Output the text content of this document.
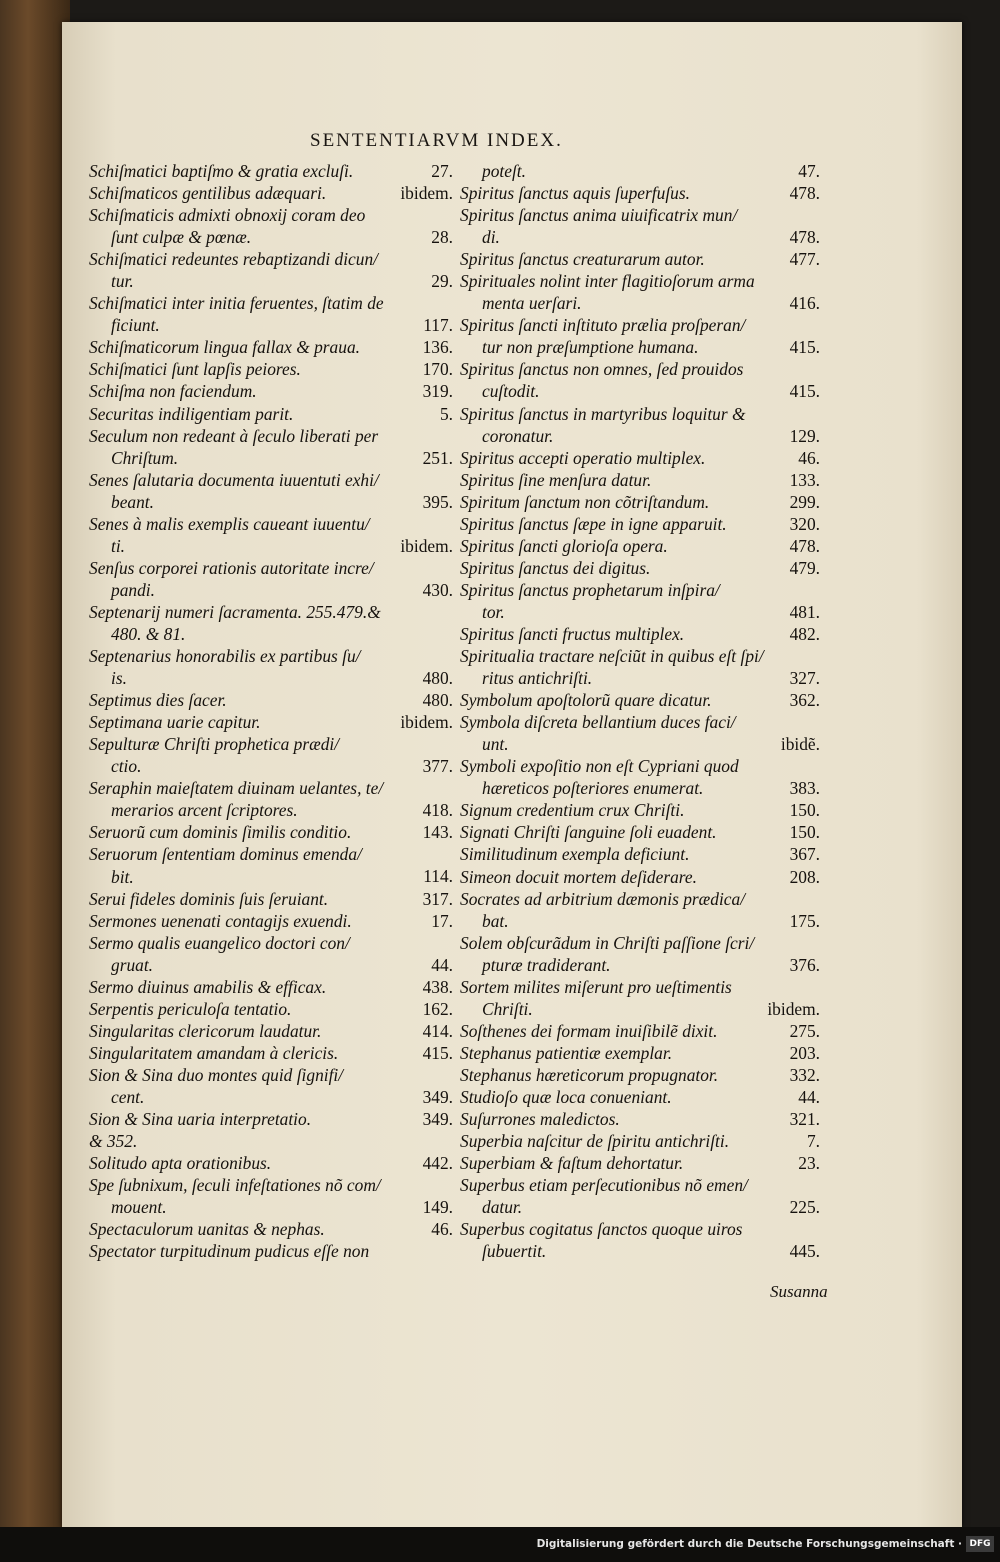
SENTENTIARVM INDEX.
Schiſmatici baptiſmo & gratia excluſi.	27.
Schiſmaticos gentilibus adæquari.	ibidem.
Schiſmaticis admixti obnoxij coram deo
ſunt culpæ & pœnæ.	28.
Schiſmatici redeuntes rebaptizandi dicun/
tur.	29.
Schiſmatici inter initia feruentes, ſtatim de
ficiunt.	117.
Schiſmaticorum lingua fallax & praua.	136.
Schiſmatici ſunt lapſis peiores.	170.
Schiſma non faciendum.	319.
Securitas indiligentiam parit.	5.
Seculum non redeant à ſeculo liberati per
Chriſtum.	251.
Senes ſalutaria documenta iuuentuti exhi/
beant.	395.
Senes à malis exemplis caueant iuuentu/
ti.	ibidem.
Senſus corporei rationis autoritate incre/
pandi.	430.
Septenarij numeri ſacramenta. 255.479.&
480. & 81.
Septenarius honorabilis ex partibus ſu/
is.	480.
Septimus dies ſacer.	480.
Septimana uarie capitur.	ibidem.
Sepulturæ Chriſti prophetica prædi/
ctio.	377.
Seraphin maieſtatem diuinam uelantes, te/
merarios arcent ſcriptores.	418.
Seruorũ cum dominis ſimilis conditio.	143.
Seruorum ſententiam dominus emenda/
bit.	114.
Serui fideles dominis ſuis ſeruiant.	317.
Sermones uenenati contagijs exuendi.	17.
Sermo qualis euangelico doctori con/
gruat.	44.
Sermo diuinus amabilis & efficax.	438.
Serpentis periculoſa tentatio.	162.
Singularitas clericorum laudatur.	414.
Singularitatem amandam à clericis.	415.
Sion & Sina duo montes quid ſignifi/
cent.	349.
Sion & Sina uaria interpretatio.	349.
& 352.
Solitudo apta orationibus.	442.
Spe ſubnixum, ſeculi infeſtationes nõ com/
mouent.	149.
Spectaculorum uanitas & nephas.	46.
Spectator turpitudinum pudicus eſſe non
poteſt.	47.
Spiritus ſanctus aquis ſuperfuſus.	478.
Spiritus ſanctus anima uiuificatrix mun/
di.	478.
Spiritus ſanctus creaturarum autor.	477.
Spirituales nolint inter flagitioſorum arma
menta uerſari.	416.
Spiritus ſancti inſtituto prælia proſperan/
tur non præſumptione humana.	415.
Spiritus ſanctus non omnes, ſed prouidos
cuſtodit.	415.
Spiritus ſanctus in martyribus loquitur &
coronatur.	129.
Spiritus accepti operatio multiplex.	46.
Spiritus ſine menſura datur.	133.
Spiritum ſanctum non cõtriſtandum.	299.
Spiritus ſanctus ſæpe in igne apparuit.	320.
Spiritus ſancti glorioſa opera.	478.
Spiritus ſanctus dei digitus.	479.
Spiritus ſanctus prophetarum inſpira/
tor.	481.
Spiritus ſancti fructus multiplex.	482.
Spiritualia tractare neſciũt in quibus eſt ſpi/
ritus antichriſti.	327.
Symbolum apoſtolorũ quare dicatur.	362.
Symbola diſcreta bellantium duces faci/
unt.	ibidẽ.
Symboli expoſitio non eſt Cypriani quod
hæreticos poſteriores enumerat.	383.
Signum credentium crux Chriſti.	150.
Signati Chriſti ſanguine ſoli euadent.	150.
Similitudinum exempla deficiunt.	367.
Simeon docuit mortem deſiderare.	208.
Socrates ad arbitrium dæmonis prædica/
bat.	175.
Solem obſcurãdum in Chriſti paſſione ſcri/
pturæ tradiderant.	376.
Sortem milites miſerunt pro ueſtimentis
Chriſti.	ibidem.
Soſthenes dei formam inuiſibilẽ dixit.	275.
Stephanus patientiæ exemplar.	203.
Stephanus hæreticorum propugnator.	332.
Studioſo quæ loca conueniant.	44.
Suſurrones maledictos.	321.
Superbia naſcitur de ſpiritu antichriſti.	7.
Superbiam & faſtum dehortatur.	23.
Superbus etiam perſecutionibus nõ emen/
datur.	225.
Superbus cogitatus ſanctos quoque uiros
ſubuertit.	445.
Susanna
Digitalisierung gefördert durch die Deutsche Forschungsgemeinschaft · DFG
